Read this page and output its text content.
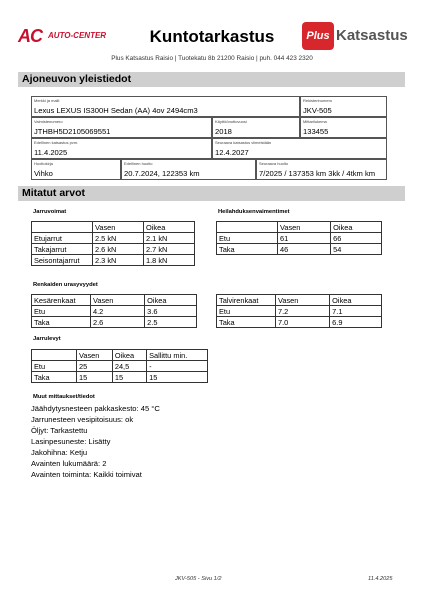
AC AUTO-CENTER	Kuntotarkastus	Plus Katsastus
Plus Katsastus Raisio | Tuotekatu 8b 21200 Raisio | puh. 044 423 2320
Ajoneuvon yleistiedot
Merkki ja malli
Lexus LEXUS IS300H Sedan (AA) 4ov 2494cm3
Rekisterinumero
JKV-505
Valmistenumero
JTHBH5D2105069551
Käyttöönottovuosi
2018
Mittarilukema
133455
Edellinen katsastus pvm.
11.4.2025
Seuraava katsastus viimeistään
12.4.2027
Huoltokirja
Vihko
Edellinen huolto
20.7.2024, 122353 km
Seuraava huolto
7/2025 / 137353 km 3kk / 4tkm km
Mitatut arvot
Jarruvoimat
	Vasen	Oikea
Etujarrut	2.5 kN	2.1 kN
Takajarrut	2.6 kN	2.7 kN
Seisontajarrut	2.3 kN	1.8 kN
Heilahduksenvaimentimet
	Vasen	Oikea
Etu	61	66
Taka	46	54
Renkaiden urasyvyydet
Kesärenkaat	Vasen	Oikea
Etu	4.2	3.6
Taka	2.6	2.5
Talvirenkaat	Vasen	Oikea
Etu	7.2	7.1
Taka	7.0	6.9
Jarrulevyt
	Vasen	Oikea	Sallittu min.
Etu	25	24,5	-
Taka	15	15	15
Muut mittaukset/tiedot
Jäähdytysnesteen pakkaskesto: 45 °C
Jarrunesteen vesipitoisuus: ok
Öljyt: Tarkastettu
Lasinpesuneste: Lisätty
Jakohihna: Ketju
Avainten lukumäärä: 2
Avainten toiminta: Kaikki toimivat
JKV-505 - Sivu 1/2	11.4.2025
